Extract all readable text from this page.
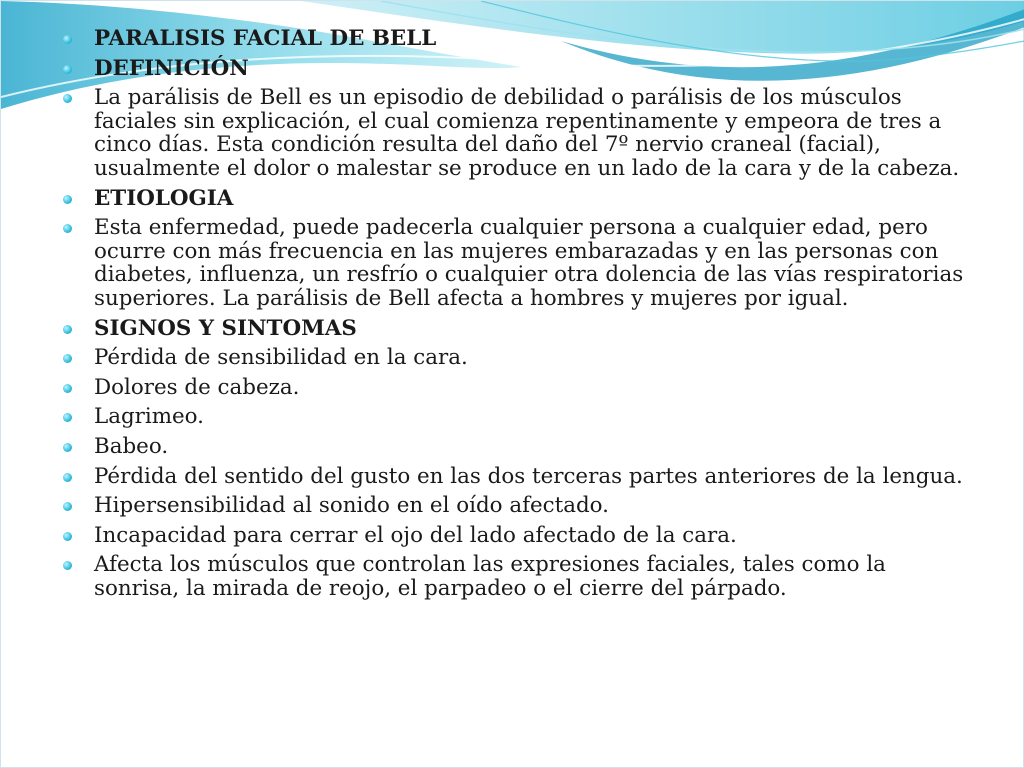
PARALISIS FACIAL DE BELL
DEFINICIÓN
La parálisis de Bell es un episodio de debilidad o parálisis de los músculos faciales sin explicación, el cual comienza repentinamente y empeora de tres a cinco días. Esta condición resulta del daño del 7º nervio craneal (facial), usualmente el dolor o malestar se produce en un lado de la cara y de la cabeza.
ETIOLOGIA
Esta enfermedad, puede padecerla cualquier persona a cualquier edad, pero ocurre con más frecuencia en las mujeres embarazadas y en las personas con diabetes, influenza, un resfrío o cualquier otra dolencia de las vías respiratorias superiores. La parálisis de Bell afecta a hombres y mujeres por igual.
SIGNOS Y SINTOMAS
Pérdida de sensibilidad en la cara.
Dolores de cabeza.
Lagrimeo.
Babeo.
Pérdida del sentido del gusto en las dos terceras partes anteriores de la lengua.
Hipersensibilidad al sonido en el oído afectado.
Incapacidad para cerrar el ojo del lado afectado de la cara.
Afecta los músculos que controlan las expresiones faciales, tales como la sonrisa, la mirada de reojo, el parpadeo o el cierre del párpado.
